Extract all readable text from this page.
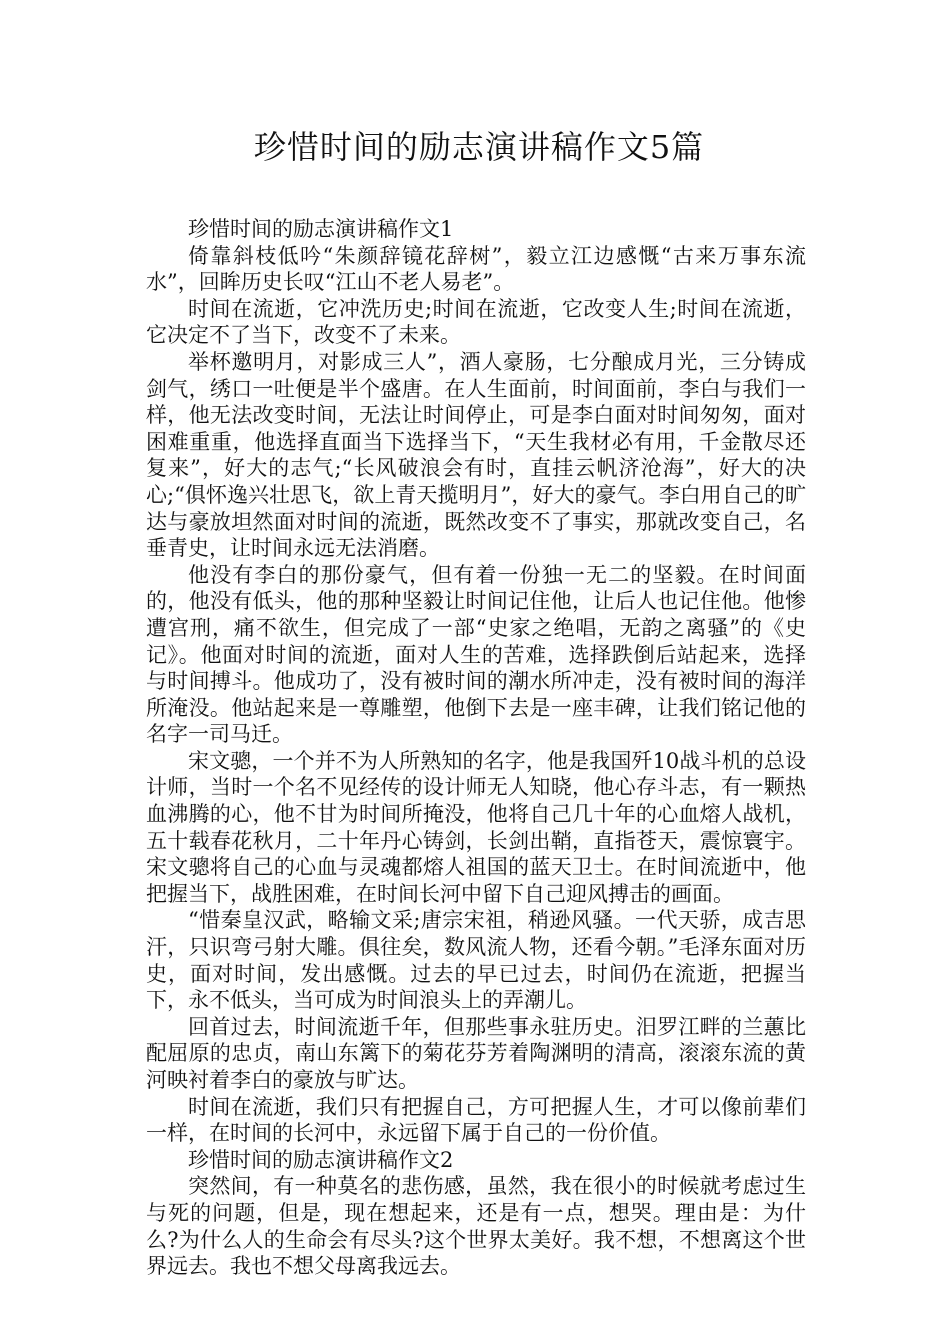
珍惜时间的励志演讲稿作文5篇

珍惜时间的励志演讲稿作文1

倚靠斜枝低吟“朱颜辞镜花辞树”，毅立江边感慨“古来万事东流水”，回眸历史长叹“江山不老人易老”。

时间在流逝，它冲洗历史;时间在流逝，它改变人生;时间在流逝，它决定不了当下，改变不了未来。

举杯邀明月，对影成三人”，酒人豪肠，七分酿成月光，三分铸成剑气，绣口一吐便是半个盛唐。在人生面前，时间面前，李白与我们一样，他无法改变时间，无法让时间停止，可是李白面对时间匆匆，面对困难重重，他选择直面当下选择当下，“天生我材必有用，千金散尽还复来”，好大的志气;“长风破浪会有时，直挂云帆济沧海”，好大的决心;“俱怀逸兴壮思飞，欲上青天揽明月”，好大的豪气。李白用自己的旷达与豪放坦然面对时间的流逝，既然改变不了事实，那就改变自己，名垂青史，让时间永远无法消磨。

他没有李白的那份豪气，但有着一份独一无二的坚毅。在时间面的，他没有低头，他的那种坚毅让时间记住他，让后人也记住他。他惨遭宫刑，痛不欲生，但完成了一部“史家之绝唱，无韵之离骚”的《史记》。他面对时间的流逝，面对人生的苦难，选择跌倒后站起来，选择与时间搏斗。他成功了，没有被时间的潮水所冲走，没有被时间的海洋所淹没。他站起来是一尊雕塑，他倒下去是一座丰碑，让我们铭记他的名字一司马迁。

宋文骢，一个并不为人所熟知的名字，他是我国歼10战斗机的总设计师，当时一个名不见经传的设计师无人知晓，他心存斗志，有一颗热血沸腾的心，他不甘为时间所掩没，他将自己几十年的心血熔人战机，五十载春花秋月，二十年丹心铸剑，长剑出鞘，直指苍天，震惊寰宇。宋文骢将自己的心血与灵魂都熔人祖国的蓝天卫士。在时间流逝中，他把握当下，战胜困难，在时间长河中留下自己迎风搏击的画面。

“惜秦皇汉武，略输文采;唐宗宋祖，稍逊风骚。一代天骄，成吉思汗，只识弯弓射大雕。俱往矣，数风流人物，还看今朝。”毛泽东面对历史，面对时间，发出感慨。过去的早已过去，时间仍在流逝，把握当下，永不低头，当可成为时间浪头上的弄潮儿。

回首过去，时间流逝千年，但那些事永驻历史。汨罗江畔的兰蕙比配屈原的忠贞，南山东篱下的菊花芬芳着陶渊明的清高，滚滚东流的黄河映衬着李白的豪放与旷达。

时间在流逝，我们只有把握自己，方可把握人生，才可以像前辈们一样，在时间的长河中，永远留下属于自己的一份价值。

珍惜时间的励志演讲稿作文2

突然间，有一种莫名的悲伤感，虽然，我在很小的时候就考虑过生与死的问题，但是，现在想起来，还是有一点，想哭。理由是：为什么?为什么人的生命会有尽头?这个世界太美好。我不想，不想离这个世界远去。我也不想父母离我远去。
